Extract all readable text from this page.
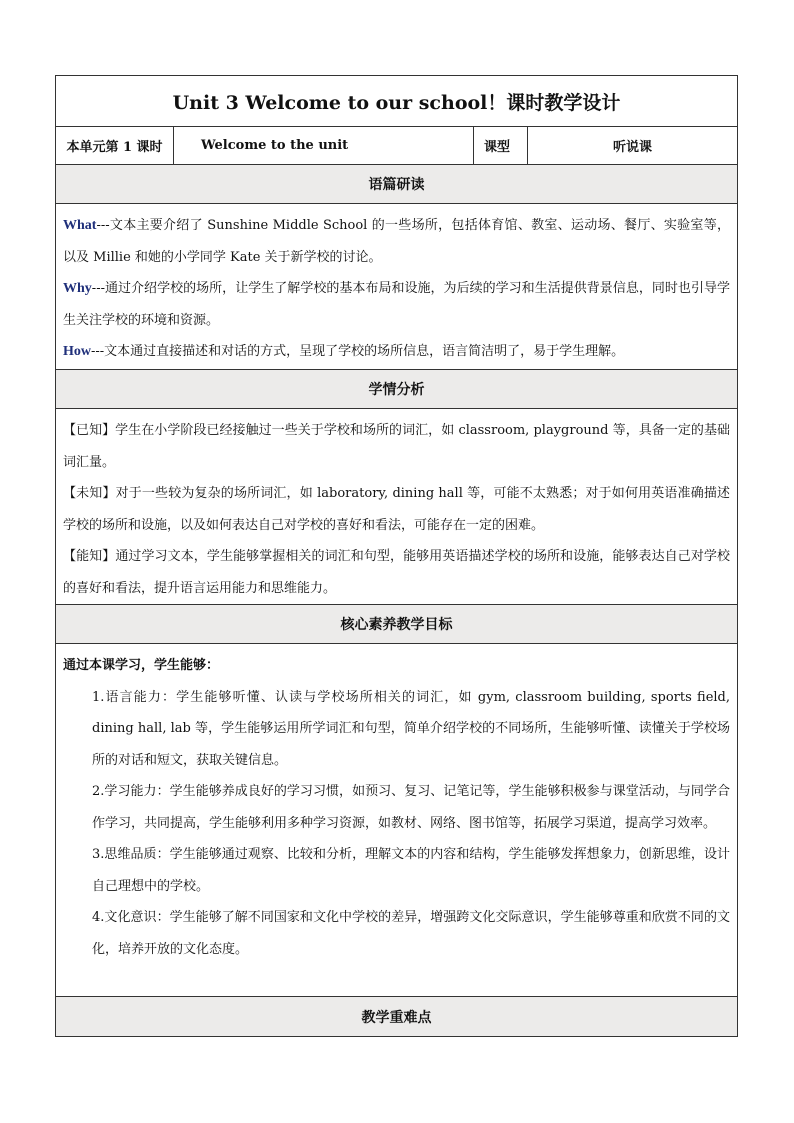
Unit 3 Welcome to our school！课时教学设计
本单元第 1 课时	Welcome to the unit	课型	听说课
语篇研读

What---文本主要介绍了 Sunshine Middle School 的一些场所，包括体育馆、教室、运动场、餐厅、实验室等，以及 Millie 和她的小学同学 Kate 关于新学校的讨论。

Why---通过介绍学校的场所，让学生了解学校的基本布局和设施，为后续的学习和生活提供背景信息，同时也引导学生关注学校的环境和资源。

How---文本通过直接描述和对话的方式，呈现了学校的场所信息，语言简洁明了，易于学生理解。

学情分析

【已知】学生在小学阶段已经接触过一些关于学校和场所的词汇，如 classroom, playground 等，具备一定的基础词汇量。

【未知】对于一些较为复杂的场所词汇，如 laboratory, dining hall 等，可能不太熟悉；对于如何用英语准确描述学校的场所和设施，以及如何表达自己对学校的喜好和看法，可能存在一定的困难。

【能知】通过学习文本，学生能够掌握相关的词汇和句型，能够用英语描述学校的场所和设施，能够表达自己对学校的喜好和看法，提升语言运用能力和思维能力。

核心素养教学目标

通过本课学习，学生能够：

1.语言能力：学生能够听懂、认读与学校场所相关的词汇，如 gym, classroom building, sports field, dining hall, lab 等，学生能够运用所学词汇和句型，简单介绍学校的不同场所，生能够听懂、读懂关于学校场所的对话和短文，获取关键信息。

2.学习能力：学生能够养成良好的学习习惯，如预习、复习、记笔记等，学生能够积极参与课堂活动，与同学合作学习，共同提高，学生能够利用多种学习资源，如教材、网络、图书馆等，拓展学习渠道，提高学习效率。

3.思维品质：学生能够通过观察、比较和分析，理解文本的内容和结构，学生能够发挥想象力，创新思维，设计自己理想中的学校。

4.文化意识：学生能够了解不同国家和文化中学校的差异，增强跨文化交际意识，学生能够尊重和欣赏不同的文化，培养开放的文化态度。

教学重难点
